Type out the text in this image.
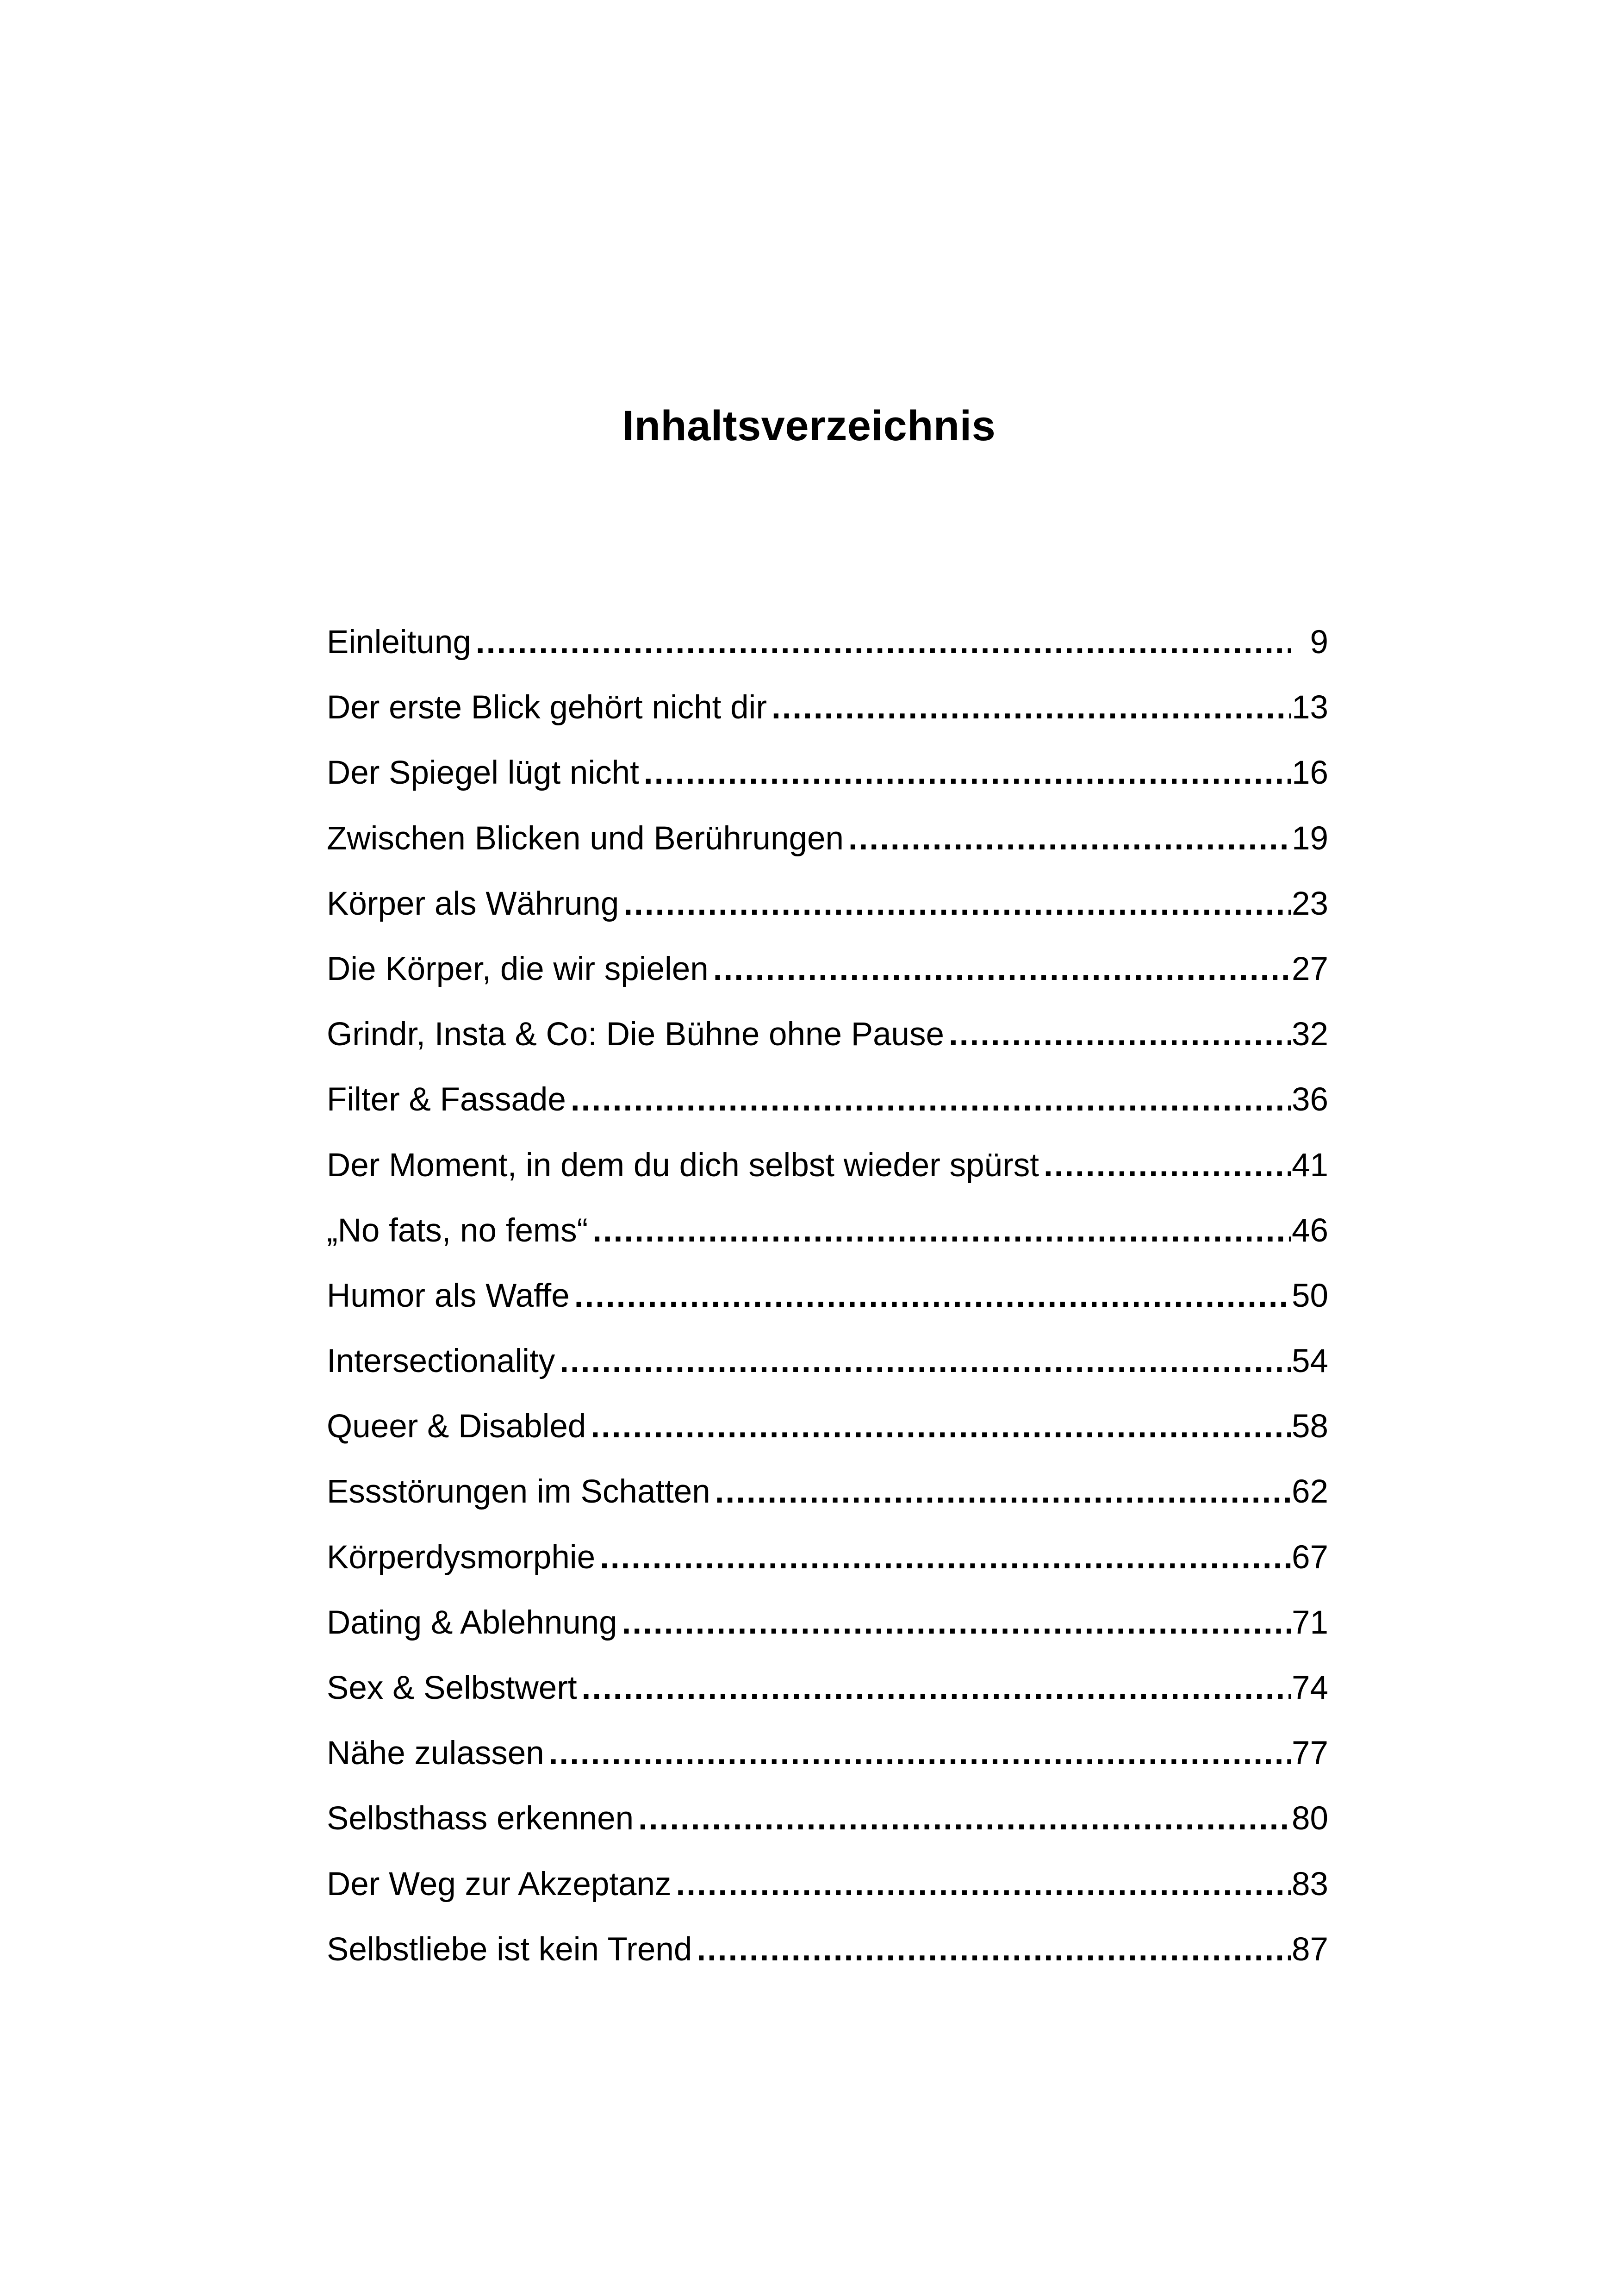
Inhaltsverzeichnis
Einleitung .....	9
Der erste Blick gehört nicht dir .....	13
Der Spiegel lügt nicht .....	16
Zwischen Blicken und Berührungen .....	19
Körper als Währung .....	23
Die Körper, die wir spielen .....	27
Grindr, Insta & Co: Die Bühne ohne Pause .....	32
Filter & Fassade .....	36
Der Moment, in dem du dich selbst wieder spürst .....	41
„No fats, no fems“ .....	46
Humor als Waffe .....	50
Intersectionality .....	54
Queer & Disabled .....	58
Essstörungen im Schatten .....	62
Körperdysmorphie .....	67
Dating & Ablehnung .....	71
Sex & Selbstwert .....	74
Nähe zulassen .....	77
Selbsthass erkennen .....	80
Der Weg zur Akzeptanz .....	83
Selbstliebe ist kein Trend .....	87
